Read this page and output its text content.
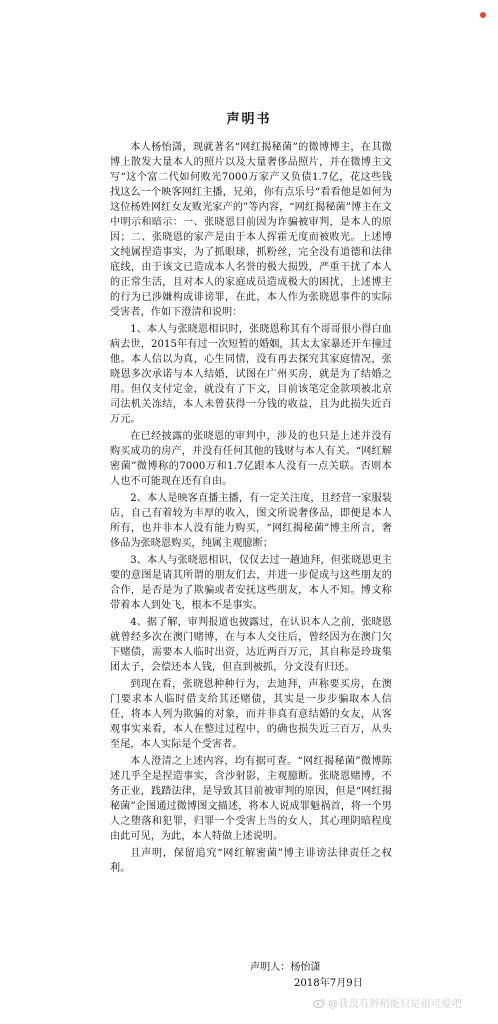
声明书

本人杨怡潇，现就著名“网红揭秘菌”的微博博主，在其微博上散发大量本人的照片以及大量奢侈品照片，并在微博主文写“这个富二代如何败光7000万家产又负债1.7亿，花这些钱找这么一个映客网红主播，兄弟，你有点乐号“看看他是如何为这位杨姓网红女友败光家产的”等内容，“网红揭秘菌”博主在文中明示和暗示：一、张晓恩目前因为诈骗被审判，是本人的原因；二、张晓恩的家产是由于本人挥霍无度而被败光。上述博文纯属捏造事实，为了抓眼球，抓粉丝，完全没有道德和法律底线，由于该文已造成本人名誉的极大损毁，严重干扰了本人的正常生活，且对本人的家庭成员造成极大的困扰，上述博主的行为已涉嫌构成诽谤罪，在此，本人作为张晓恩事件的实际受害者，作如下澄清和说明：

1、本人与张晓恩相识时，张晓恩称其有个哥哥很小得白血病去世，2015年有过一次短暂的婚姻，其太太家暴还开车撞过他。本人信以为真，心生同情，没有再去探究其家庭情况，张晓恩多次承诺与本人结婚，试图在广州买房，就是为了结婚之用。但仅支付定金，就没有了下文，目前该笔定金款项被北京司法机关冻结，本人未曾获得一分钱的收益，且为此损失近百万元。

在已经披露的张晓恩的审判中，涉及的也只是上述并没有购买成功的房产，并没有任何其他的钱财与本人有关。“网红解密菌”微博称的7000万和1.7亿跟本人没有一点关联。否则本人也不可能现在还有自由。

2、本人是映客直播主播，有一定关注度，且经营一家服装店，自己有着较为丰厚的收入，图文所说奢侈品，即便是本人所有，也并非本人没有能力购买，“网红揭秘菌”博主所言，奢侈品为张晓恩购买，纯属主观臆断；

3、本人与张晓恩相识，仅仅去过一趟迪拜，但张晓恩更主要的意图是请其所谓的朋友们去，并进一步促成与这些朋友的合作，是否是为了欺骗或者安抚这些朋友，本人不知。博文称带着本人到处飞，根本不是事实。

4、据了解，审判报道也披露过，在认识本人之前，张晓恩就曾经多次在澳门赌博，在与本人交往后，曾经因为在澳门欠下赌债，需要本人临时出资，达近两百万元，其自称是玲珑集团太子，会偿还本人钱，但直到被抓，分文没有归还。

到现在看，张晓恩种种行为，去迪拜，声称要买房，在澳门要求本人临时借支给其还赌债，其实是一步步骗取本人信任，将本人列为欺骗的对象，而并非真有意结婚的女友，从客观事实来看，本人在整过过程中，的确也损失近三百万，从头至尾，本人实际是个受害者。

本人澄清之上述内容，均有据可查。“网红揭秘菌”微博陈述几乎全是捏造事实，含沙射影，主观臆断。张晓恩赌博，不务正业，践踏法律，是导致其目前被审判的原因，但是“网红揭秘菌”企图通过微博图文描述，将本人说成罪魁祸首，将一个男人之堕落和犯罪，归罪一个受害上当的女人，其心理阴暗程度由此可见，为此，本人特做上述说明。

且声明，保留追究“网红解密菌”博主诽谤法律责任之权利。

声明人：杨怡潇
2018年7月9日
@我没有辫稍能只是很可爱吧
